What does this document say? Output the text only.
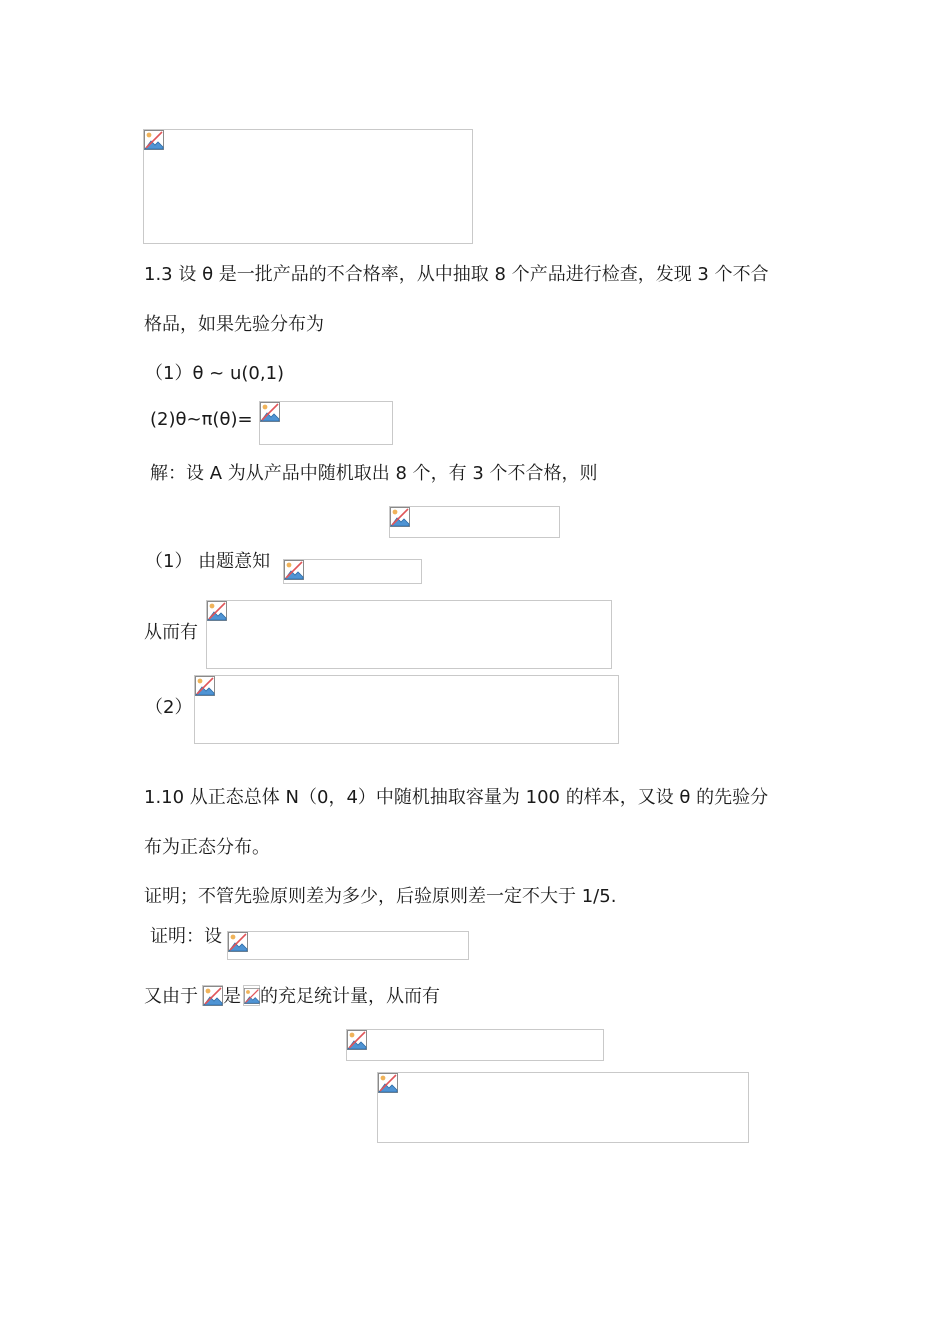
1.3 设 θ 是一批产品的不合格率，从中抽取 8 个产品进行检查，发现 3 个不合
格品，如果先验分布为
（1）θ ~ u(0,1)
(2)θ~π(θ)=
解：设 A 为从产品中随机取出 8 个，有 3 个不合格，则
（1） 由题意知
从而有
（2）
1.10 从正态总体 N（0，4）中随机抽取容量为 100 的样本，又设 θ 的先验分
布为正态分布。
证明；不管先验原则差为多少，后验原则差一定不大于 1/5.
证明：设
又由于 是 的充足统计量，从而有
